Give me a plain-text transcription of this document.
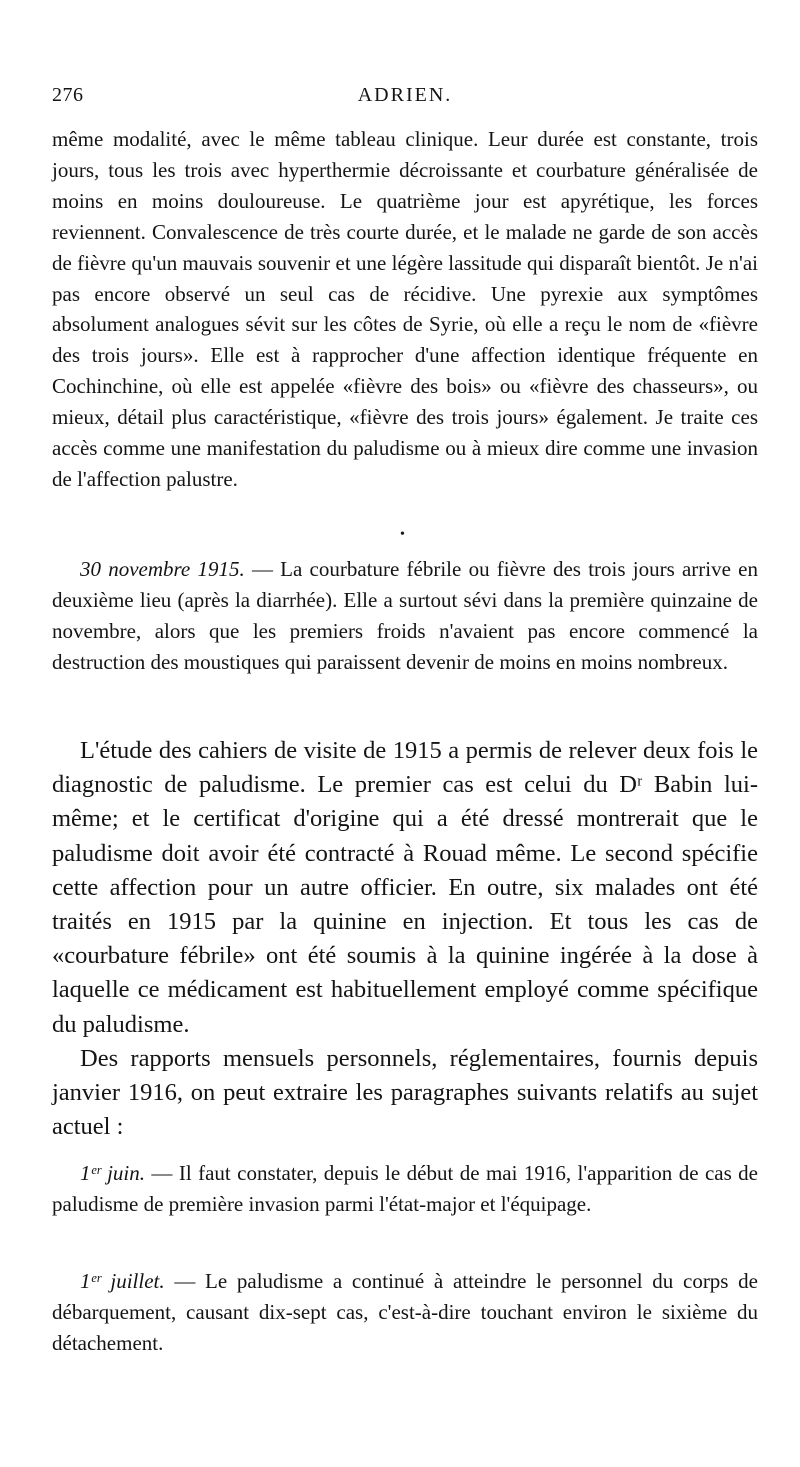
276	ADRIEN.

même modalité, avec le même tableau clinique. Leur durée est constante, trois jours, tous les trois avec hyperthermie décroissante et courbature généralisée de moins en moins douloureuse. Le quatrième jour est apyrétique, les forces reviennent. Convalescence de très courte durée, et le malade ne garde de son accès de fièvre qu'un mauvais souvenir et une légère lassitude qui disparaît bientôt. Je n'ai pas encore observé un seul cas de récidive. Une pyrexie aux symptômes absolument analogues sévit sur les côtes de Syrie, où elle a reçu le nom de «fièvre des trois jours». Elle est à rapprocher d'une affection identique fréquente en Cochinchine, où elle est appelée «fièvre des bois» ou «fièvre des chasseurs», ou mieux, détail plus caractéristique, «fièvre des trois jours» également. Je traite ces accès comme une manifestation du paludisme ou à mieux dire comme une invasion de l'affection palustre.

30 novembre 1915. — La courbature fébrile ou fièvre des trois jours arrive en deuxième lieu (après la diarrhée). Elle a surtout sévi dans la première quinzaine de novembre, alors que les premiers froids n'avaient pas encore commencé la destruction des moustiques qui paraissent devenir de moins en moins nombreux.

L'étude des cahiers de visite de 1915 a permis de relever deux fois le diagnostic de paludisme. Le premier cas est celui du Dʳ Babin lui-même; et le certificat d'origine qui a été dressé montrerait que le paludisme doit avoir été contracté à Rouad même. Le second spécifie cette affection pour un autre officier. En outre, six malades ont été traités en 1915 par la quinine en injection. Et tous les cas de «courbature fébrile» ont été soumis à la quinine ingérée à la dose à laquelle ce médicament est habituellement employé comme spécifique du paludisme.

Des rapports mensuels personnels, réglementaires, fournis depuis janvier 1916, on peut extraire les paragraphes suivants relatifs au sujet actuel :

1ᵉʳ juin. — Il faut constater, depuis le début de mai 1916, l'apparition de cas de paludisme de première invasion parmi l'état-major et l'équipage.

1ᵉʳ juillet. — Le paludisme a continué à atteindre le personnel du corps de débarquement, causant dix-sept cas, c'est-à-dire touchant environ le sixième du détachement.

•
